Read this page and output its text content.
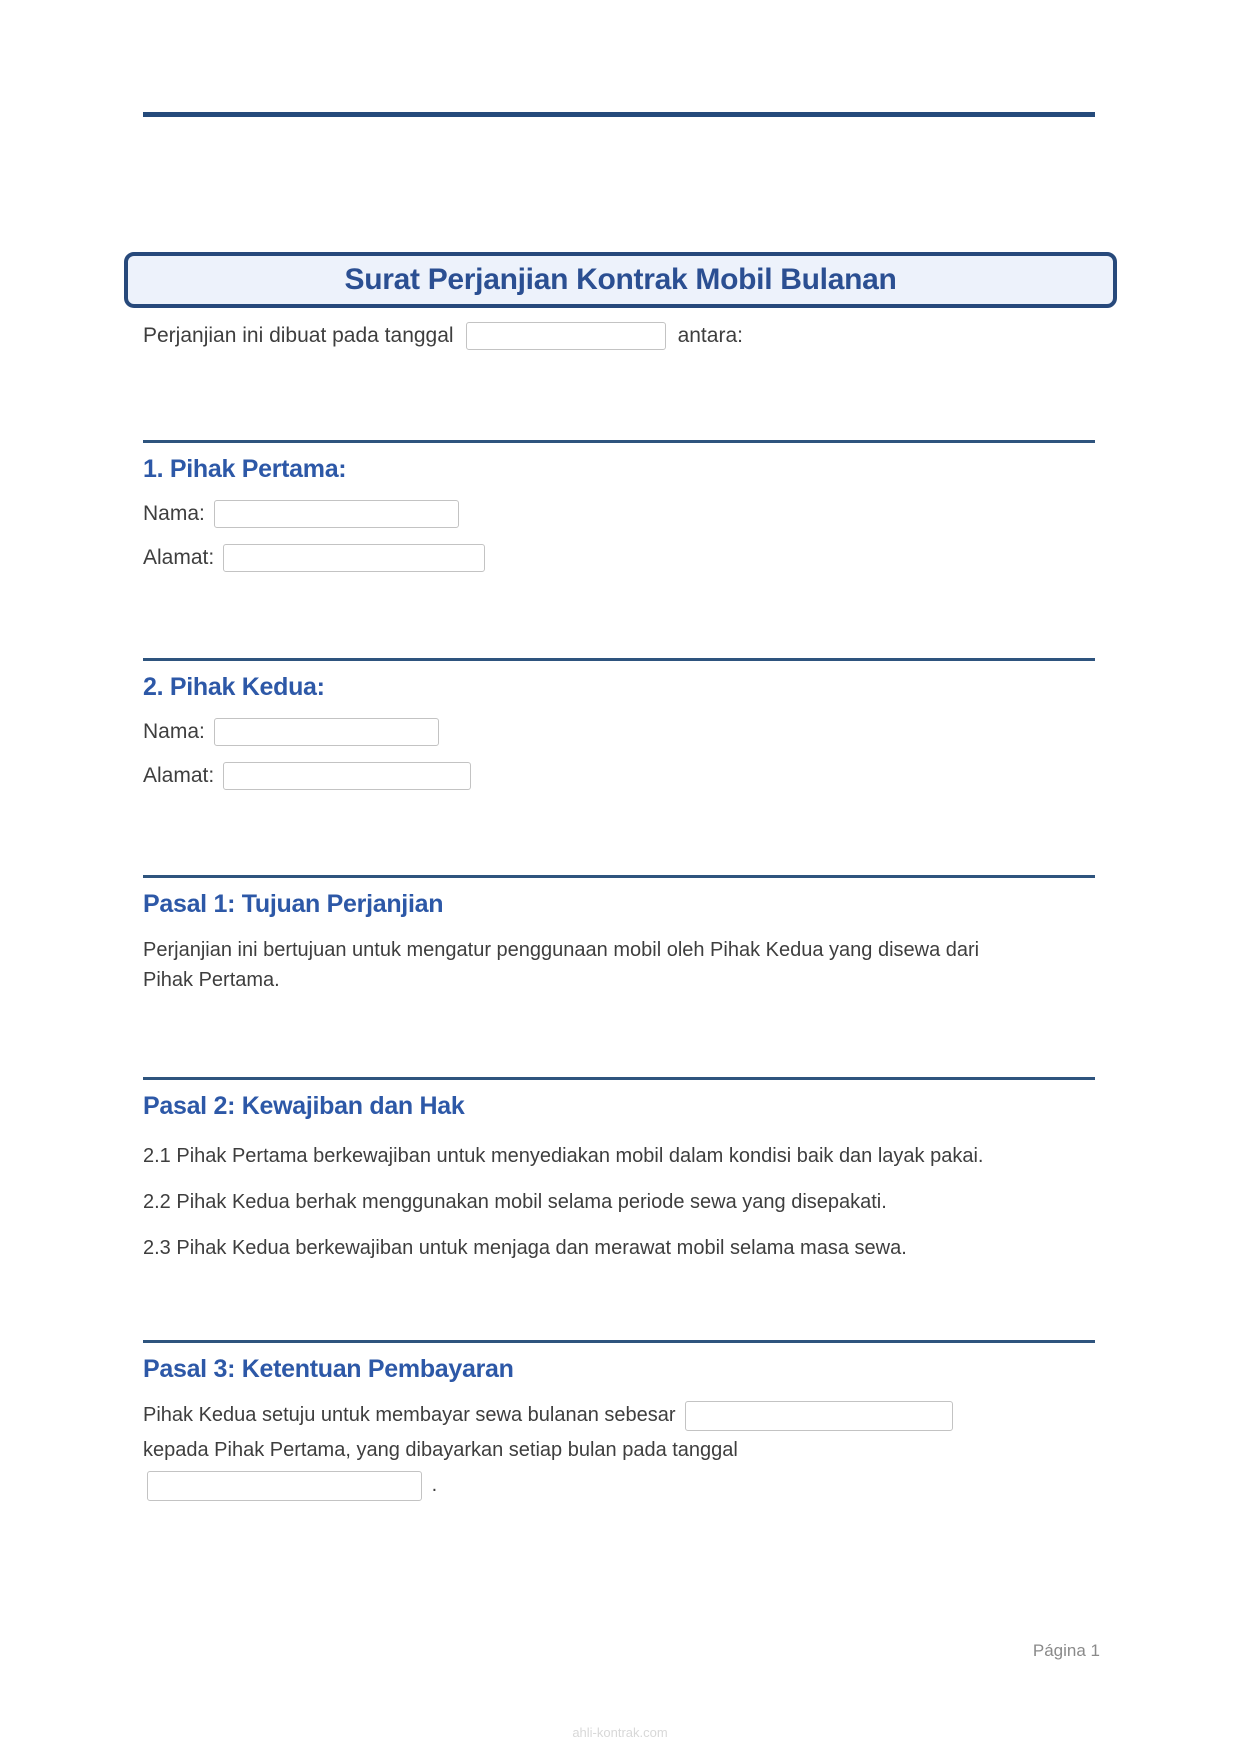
Surat Perjanjian Kontrak Mobil Bulanan
Perjanjian ini dibuat pada tanggal	antara:
1. Pihak Pertama:
Nama:
Alamat:
2. Pihak Kedua:
Nama:
Alamat:
Pasal 1: Tujuan Perjanjian

Perjanjian ini bertujuan untuk mengatur penggunaan mobil oleh Pihak Kedua yang disewa dari Pihak Pertama.

Pasal 2: Kewajiban dan Hak

2.1 Pihak Pertama berkewajiban untuk menyediakan mobil dalam kondisi baik dan layak pakai.

2.2 Pihak Kedua berhak menggunakan mobil selama periode sewa yang disepakati.

2.3 Pihak Kedua berkewajiban untuk menjaga dan merawat mobil selama masa sewa.

Pasal 3: Ketentuan Pembayaran

Pihak Kedua setuju untuk membayar sewa bulanan sebesar  kepada Pihak Pertama, yang dibayarkan setiap bulan pada tanggal  .

Página 1

ahli-kontrak.com
